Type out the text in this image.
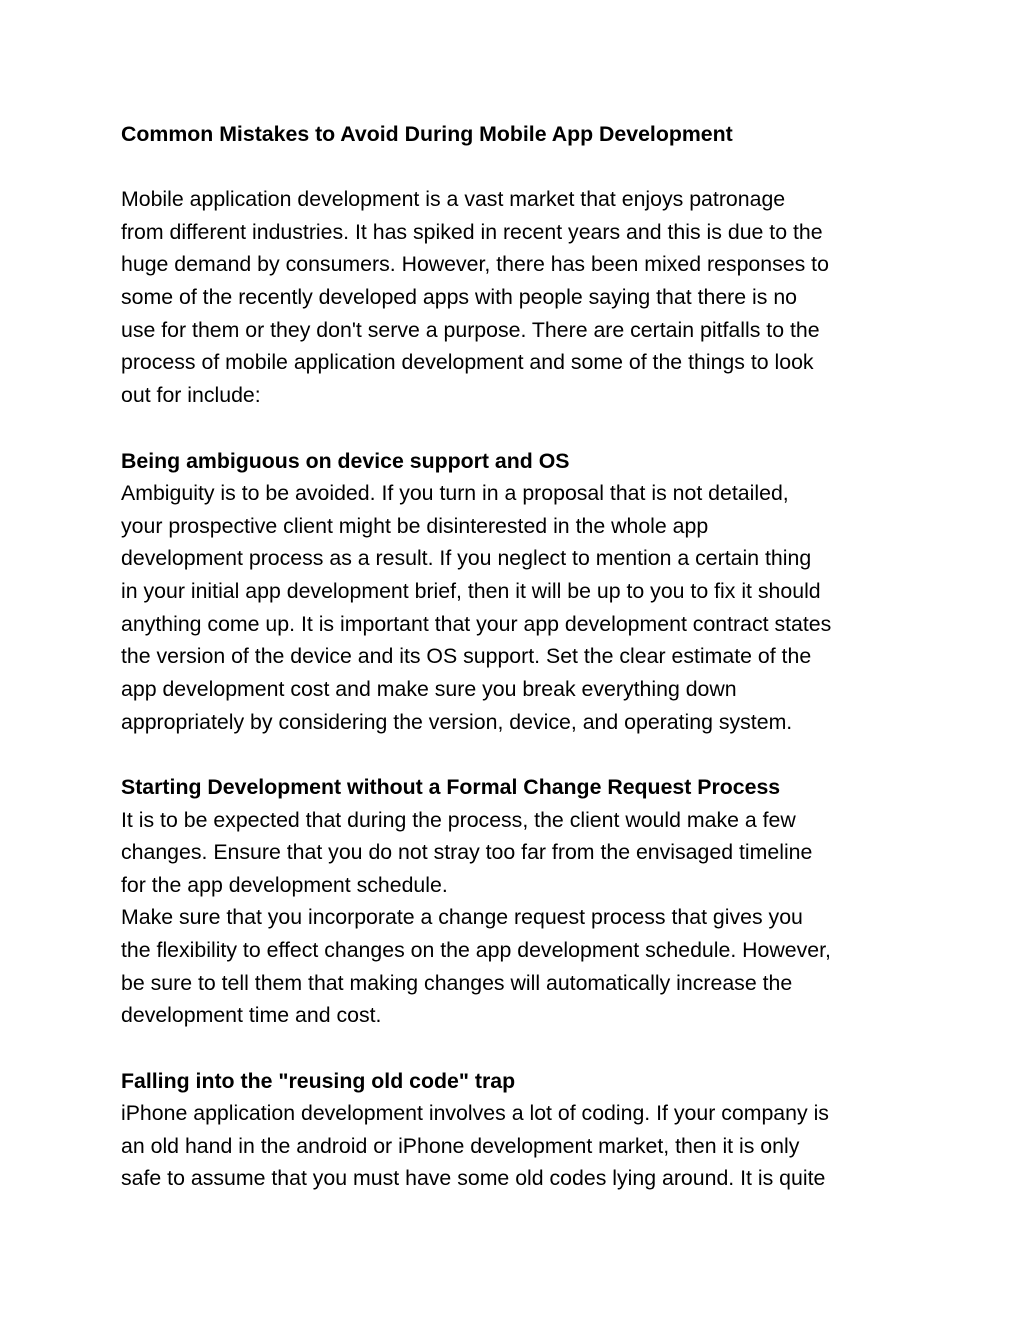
Common Mistakes to Avoid During Mobile App Development
Mobile application development is a vast market that enjoys patronage
from different industries. It has spiked in recent years and this is due to the
huge demand by consumers. However, there has been mixed responses to
some of the recently developed apps with people saying that there is no
use for them or they don't serve a purpose. There are certain pitfalls to the
process of mobile application development and some of the things to look
out for include:
Being ambiguous on device support and OS
Ambiguity is to be avoided. If you turn in a proposal that is not detailed,
your prospective client might be disinterested in the whole app
development process as a result. If you neglect to mention a certain thing
in your initial app development brief, then it will be up to you to fix it should
anything come up. It is important that your app development contract states
the version of the device and its OS support. Set the clear estimate of the
app development cost and make sure you break everything down
appropriately by considering the version, device, and operating system.
Starting Development without a Formal Change Request Process
It is to be expected that during the process, the client would make a few
changes. Ensure that you do not stray too far from the envisaged timeline
for the app development schedule.
Make sure that you incorporate a change request process that gives you
the flexibility to effect changes on the app development schedule. However,
be sure to tell them that making changes will automatically increase the
development time and cost.
Falling into the "reusing old code" trap
iPhone application development involves a lot of coding. If your company is
an old hand in the android or iPhone development market, then it is only
safe to assume that you must have some old codes lying around. It is quite
